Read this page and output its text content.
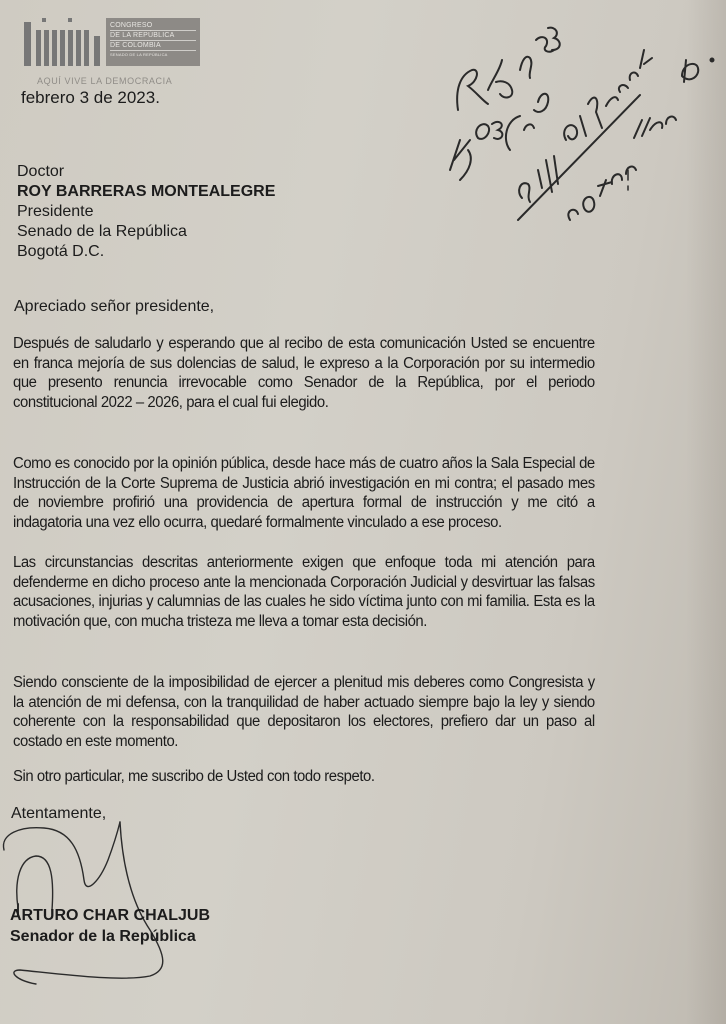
CONGRESO
DE LA REPÚBLICA
DE COLOMBIA
SENADO DE LA REPÚBLICA
AQUÍ VIVE LA DEMOCRACIA
febrero 3 de 2023.
Doctor
ROY BARRERAS MONTEALEGRE
Presidente
Senado de la República
Bogotá D.C.
Apreciado señor presidente,
Después de saludarlo y esperando que al recibo de esta comunicación Usted se encuentre en franca mejoría de sus dolencias de salud, le expreso a la Corporación por su intermedio que presento renuncia irrevocable como Senador de la República, por el periodo constitucional 2022 – 2026, para el cual fui elegido.
Como es conocido por la opinión pública, desde hace más de cuatro años la Sala Especial de Instrucción de la Corte Suprema de Justicia abrió investigación en mi contra; el pasado mes de noviembre profirió una providencia de apertura formal de instrucción y me citó a indagatoria una vez ello ocurra, quedaré formalmente vinculado a ese proceso.
Las circunstancias descritas anteriormente exigen que enfoque toda mi atención para defenderme en dicho proceso ante la mencionada Corporación Judicial y desvirtuar las falsas acusaciones, injurias y calumnias de las cuales he sido víctima junto con mi familia. Esta es la motivación que, con mucha tristeza me lleva a tomar esta decisión.
Siendo consciente de la imposibilidad de ejercer a plenitud mis deberes como Congresista y la atención de mi defensa, con la tranquilidad de haber actuado siempre bajo la ley y siendo coherente con la responsabilidad que depositaron los electores, prefiero dar un paso al costado en este momento.
Sin otro particular, me suscribo de Usted con todo respeto.
Atentamente,
ARTURO CHAR CHALJUB
Senador de la República
